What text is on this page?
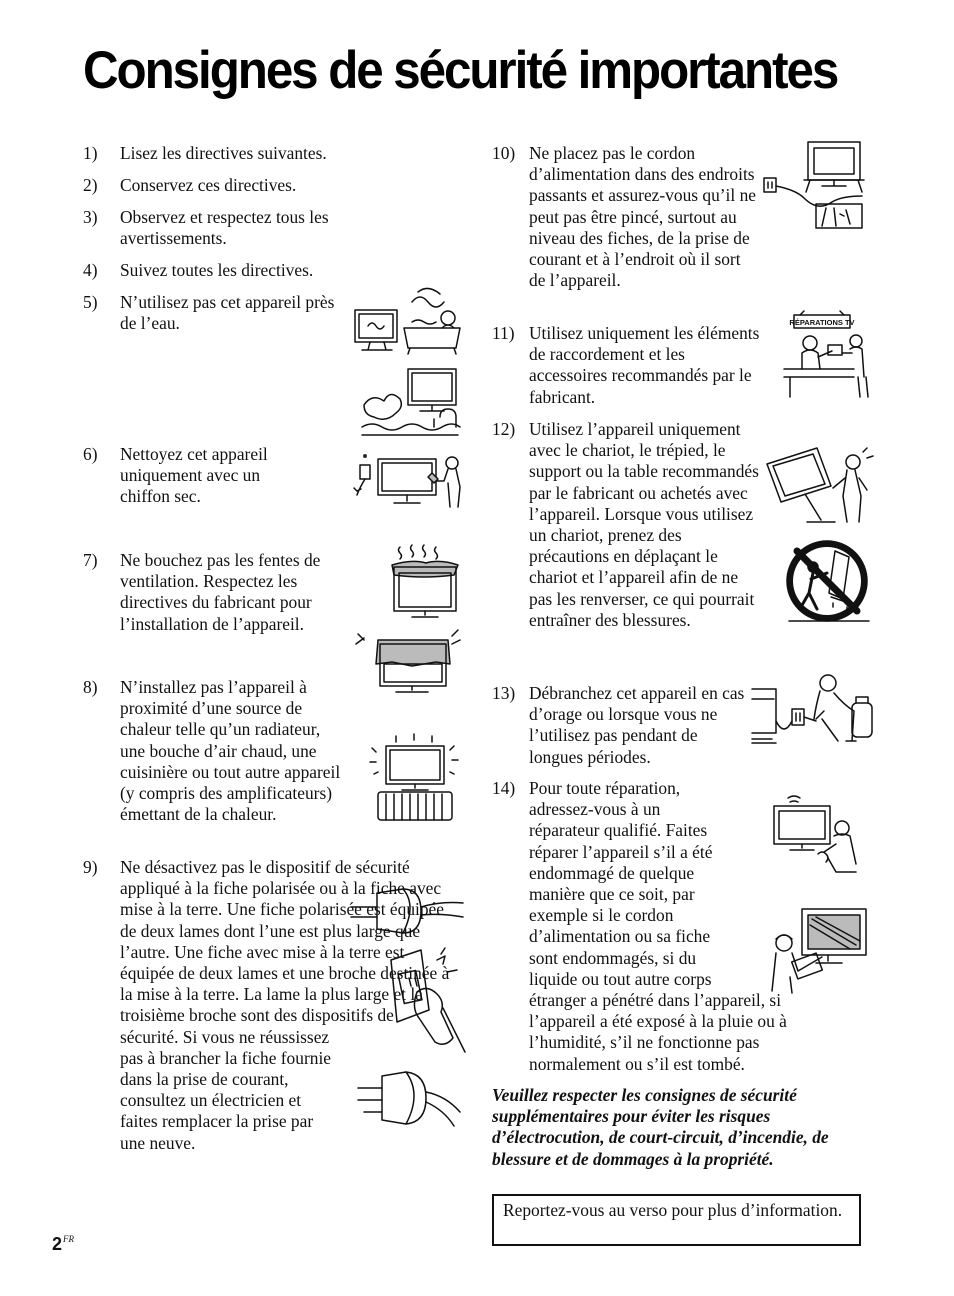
Consignes de sécurité importantes
1) Lisez les directives suivantes.
2) Conservez ces directives.
3) Observez et respectez tous les avertissements.
4) Suivez toutes les directives.
5) N’utilisez pas cet appareil près de l’eau.
6) Nettoyez cet appareil uniquement avec un chiffon sec.
7) Ne bouchez pas les fentes de ventilation. Respectez les directives du fabricant pour l’installation de l’appareil.
8) N’installez pas l’appareil à proximité d’une source de chaleur telle qu’un radiateur, une bouche d’air chaud, une cuisinière ou tout autre appareil (y compris des amplificateurs) émettant de la chaleur.
9) Ne désactivez pas le dispositif de sécurité appliqué à la fiche polarisée ou à la fiche avec mise à la terre. Une fiche polarisée est équipée de deux lames dont l’une est plus large que l’autre. Une fiche avec mise à la terre est équipée de deux lames et une broche destinée à la mise à la terre. La lame la plus large et la troisième broche sont des dispositifs de sécurité. Si vous ne réussissez pas à brancher la fiche fournie dans la prise de courant, consultez un électricien et faites remplacer la prise par une neuve.
10) Ne placez pas le cordon d’alimentation dans des endroits passants et assurez-vous qu’il ne peut pas être pincé, surtout au niveau des fiches, de la prise de courant et à l’endroit où il sort de l’appareil.
11) Utilisez uniquement les éléments de raccordement et les accessoires recommandés par le fabricant.
12) Utilisez l’appareil uniquement avec le chariot, le trépied, le support ou la table recommandés par le fabricant ou achetés avec l’appareil. Lorsque vous utilisez un chariot, prenez des précautions en déplaçant le chariot et l’appareil afin de ne pas les renverser, ce qui pourrait entraîner des blessures.
13) Débranchez cet appareil en cas d’orage ou lorsque vous ne l’utilisez pas pendant de longues périodes.
14) Pour toute réparation, adressez-vous à un réparateur qualifié. Faites réparer l’appareil s’il a été endommagé de quelque manière que ce soit, par exemple si le cordon d’alimentation ou sa fiche sont endommagés, si du liquide ou tout autre corps étranger a pénétré dans l’appareil, si l’appareil a été exposé à la pluie ou à l’humidité, s’il ne fonctionne pas normalement ou s’il est tombé.
Veuillez respecter les consignes de sécurité supplémentaires pour éviter les risques d’électrocution, de court-circuit, d’incendie, de blessure et de dommages à la propriété.
Reportez-vous au verso pour plus d’information.
$2^{FR}$
RÉPARATIONS TV
